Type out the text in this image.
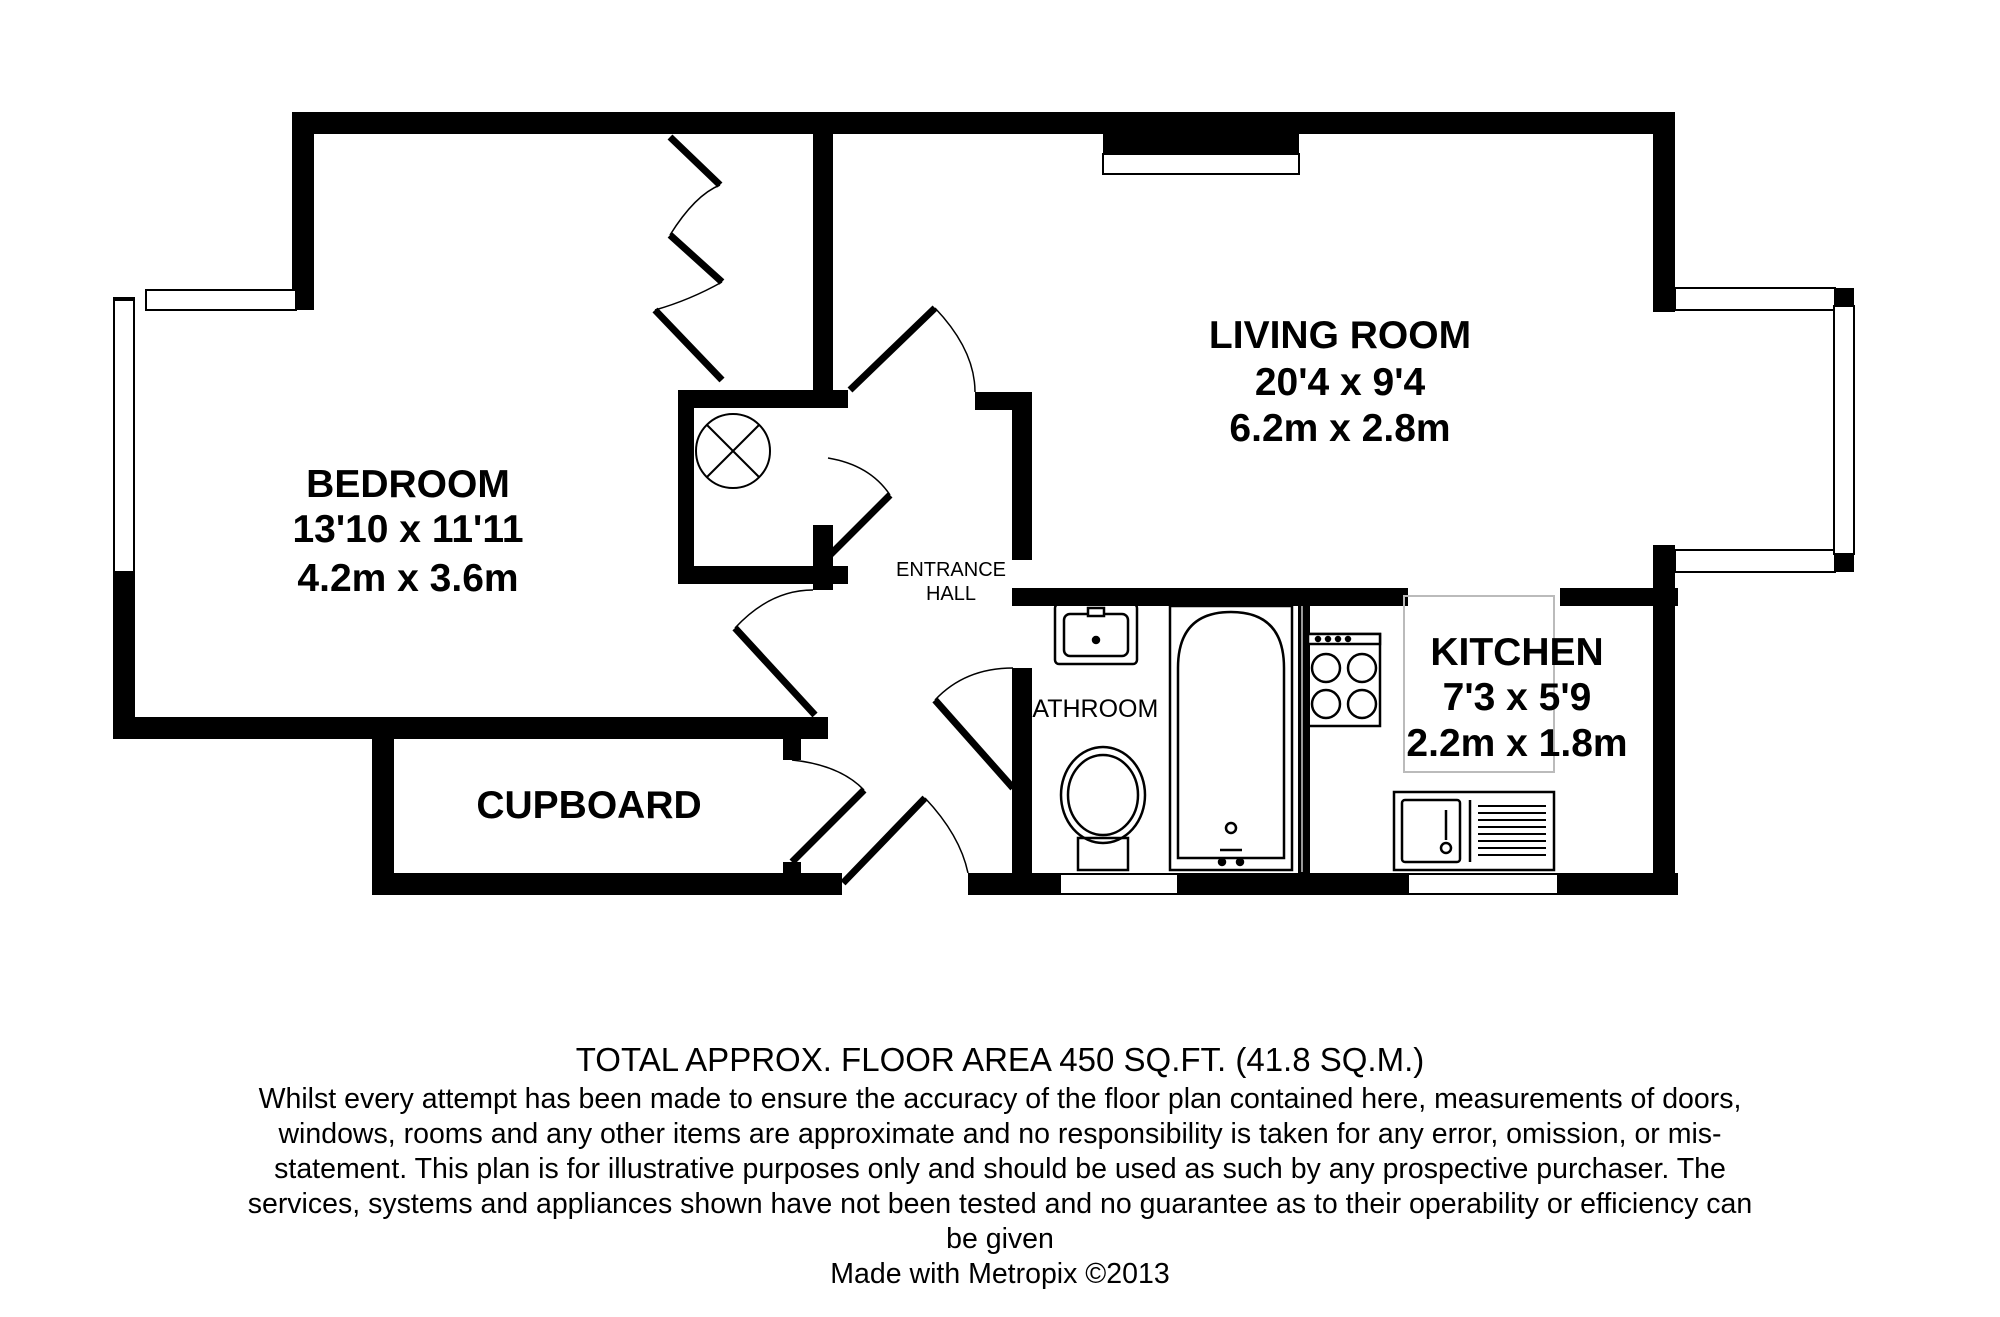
BEDROOM
13'10 x 11'11
4.2m x 3.6m
LIVING ROOM
20'4 x 9'4
6.2m x 2.8m
KITCHEN
7'3 x 5'9
2.2m x 1.8m
CUPBOARD
BATHROOM
ENTRANCE
HALL
TOTAL APPROX. FLOOR AREA 450 SQ.FT. (41.8 SQ.M.)
Whilst every attempt has been made to ensure the accuracy of the floor plan contained here, measurements of doors, windows, rooms and any other items are approximate and no responsibility is taken for any error, omission, or mis-statement. This plan is for illustrative purposes only and should be used as such by any prospective purchaser. The services, systems and appliances shown have not been tested and no guarantee as to their operability or efficiency can be given
Made with Metropix ©2013
